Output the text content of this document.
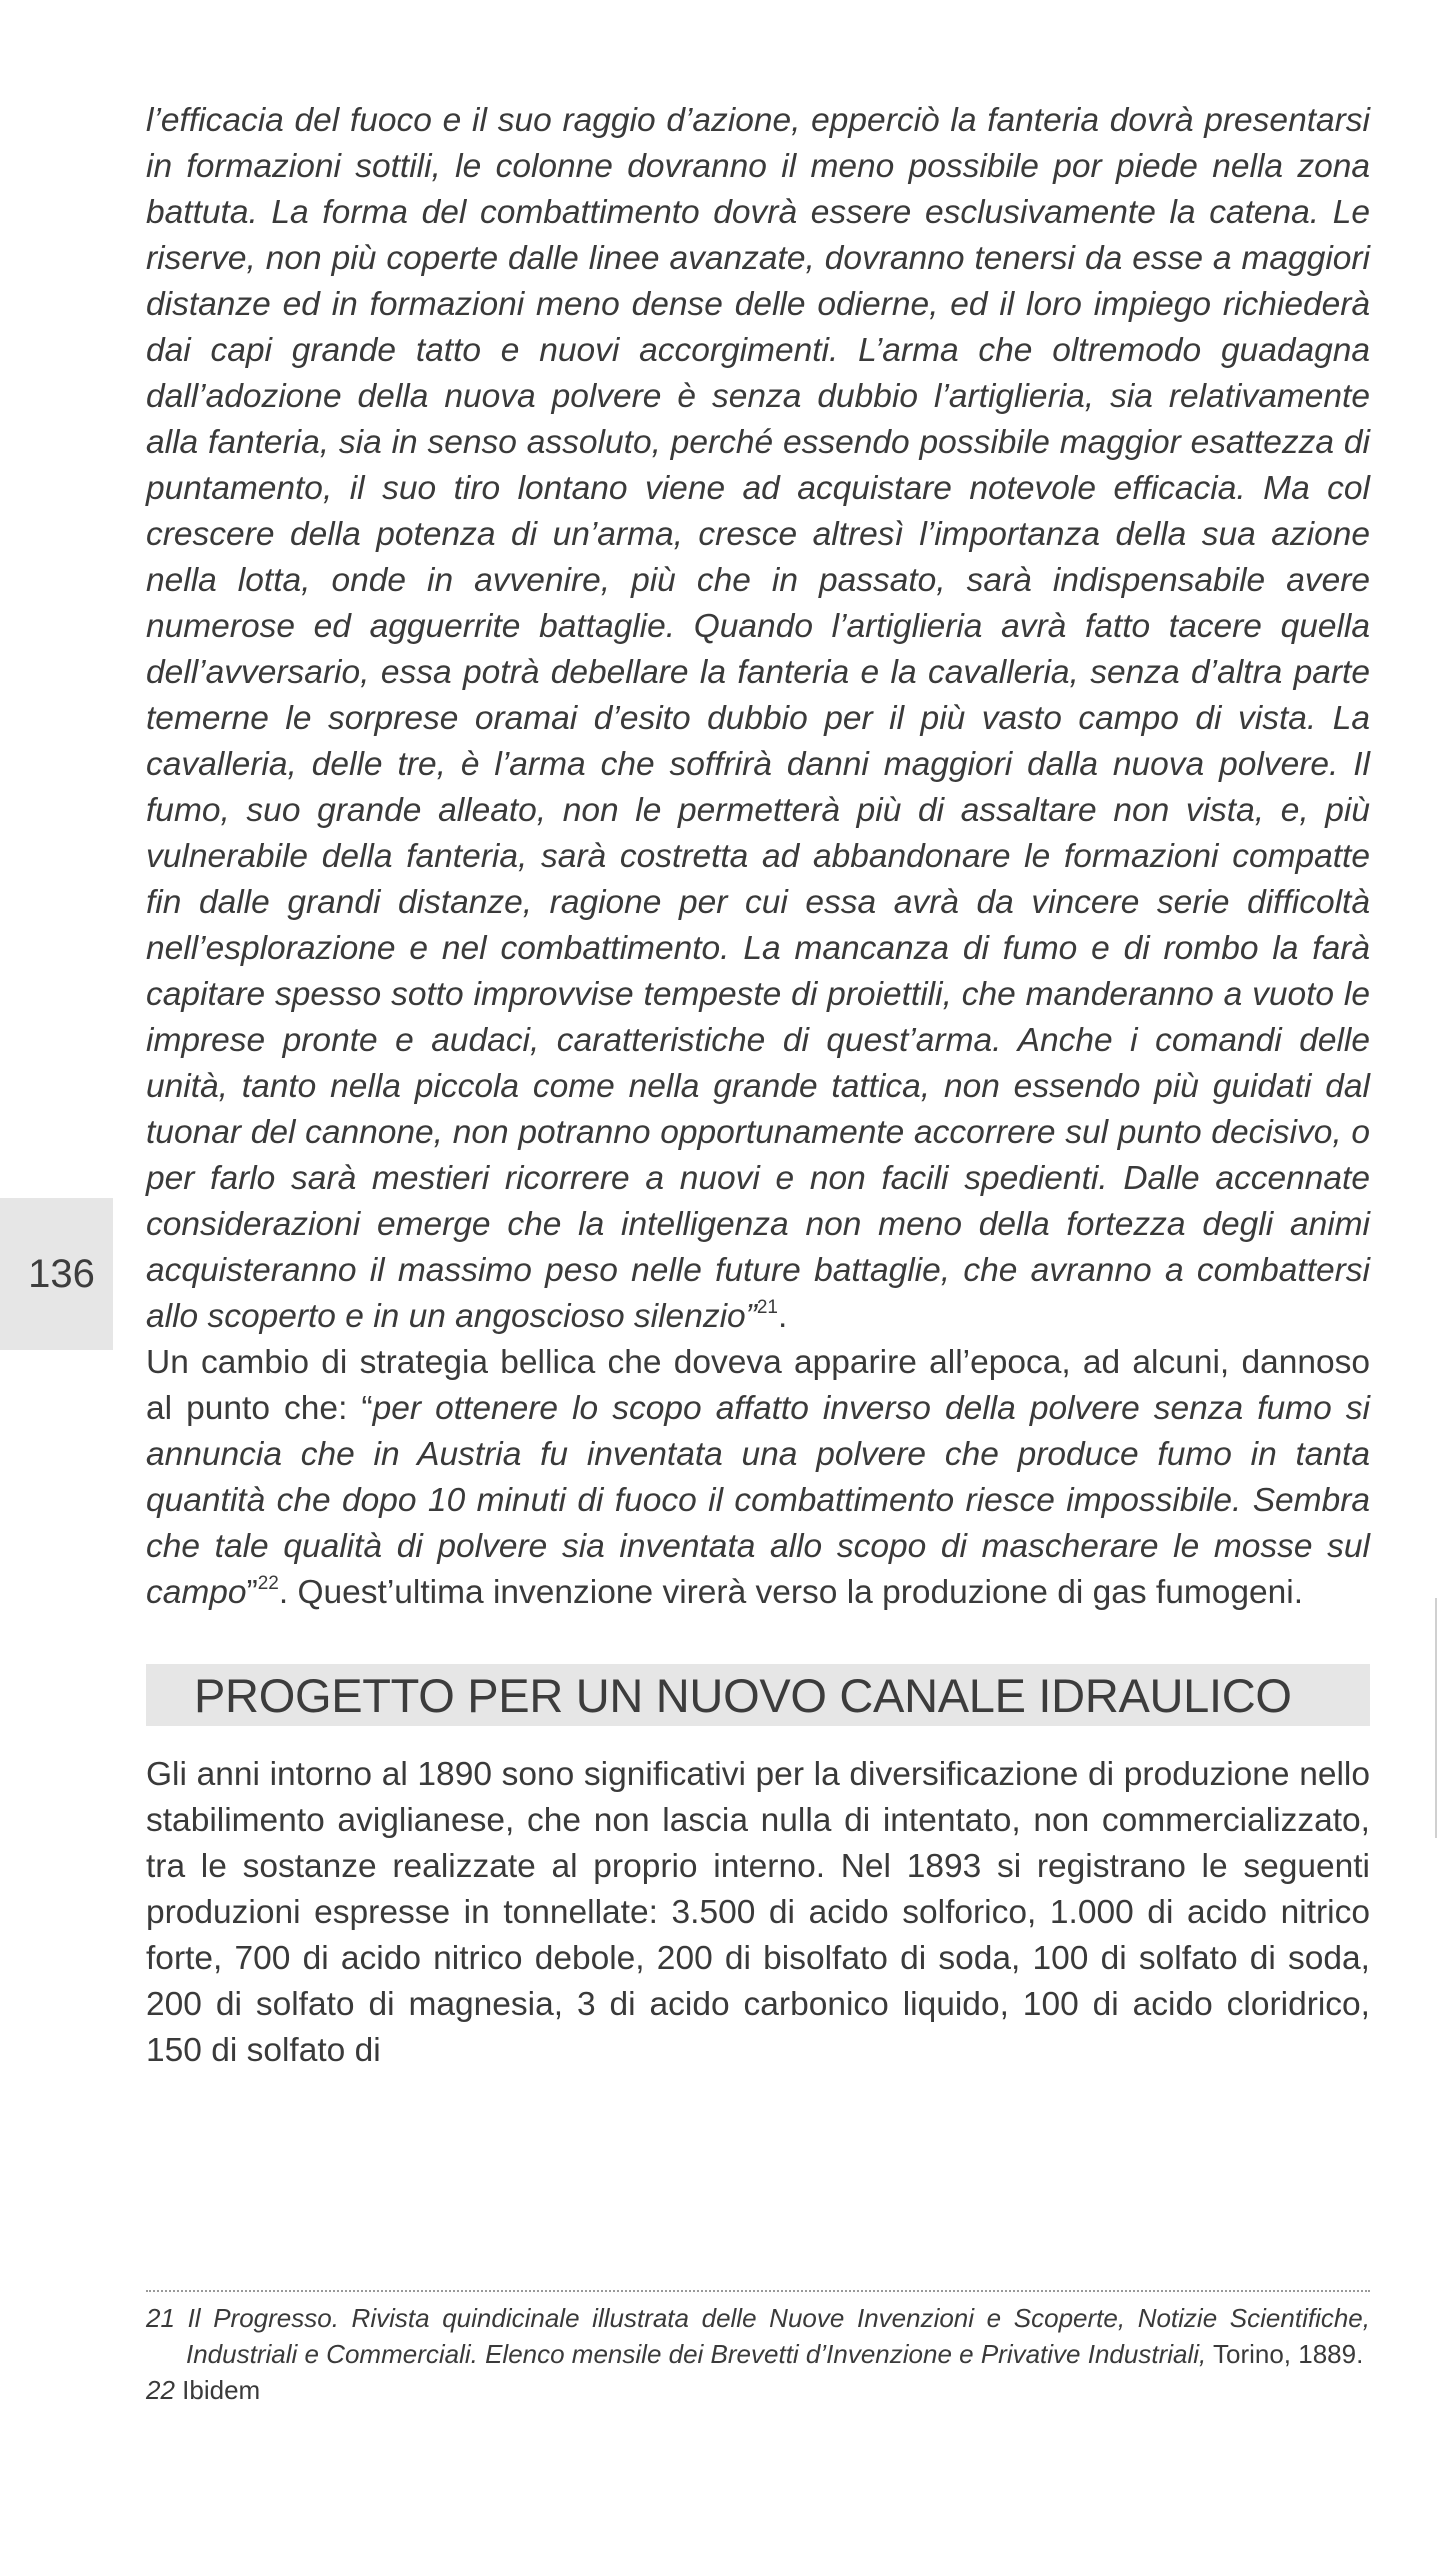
136

l’efficacia del fuoco e il suo raggio d’azione, epperciò la fanteria dovrà presentarsi in formazioni sottili, le colonne dovranno il meno possibile por piede nella zona battuta. La forma del combattimento dovrà essere esclusivamente la catena. Le riserve, non più coperte dalle linee avanzate, dovranno tenersi da esse a maggiori distanze ed in formazioni meno dense delle odierne, ed il loro impiego richiederà dai capi grande tatto e nuovi accorgimenti. L’arma che oltremodo guadagna dall’adozione della nuova polvere è senza dubbio l’artiglieria, sia relativamente alla fanteria, sia in senso assoluto, perché essendo possibile maggior esattezza di puntamento, il suo tiro lontano viene ad acquistare notevole efficacia. Ma col crescere della potenza di un’arma, cresce altresì l’importanza della sua azione nella lotta, onde in avvenire, più che in passato, sarà indispensabile avere numerose ed agguerrite battaglie. Quando l’artiglieria avrà fatto tacere quella dell’avversario, essa potrà debellare la fanteria e la cavalleria, senza d’altra parte temerne le sorprese oramai d’esito dubbio per il più vasto campo di vista. La cavalleria, delle tre, è l’arma che soffrirà danni maggiori dalla nuova polvere. Il fumo, suo grande alleato, non le permetterà più di assaltare non vista, e, più vulnerabile della fanteria, sarà costretta ad abbandonare le formazioni compatte fin dalle grandi distanze, ragione per cui essa avrà da vincere serie difficoltà nell’esplorazione e nel combattimento. La mancanza di fumo e di rombo la farà capitare spesso sotto improvvise tempeste di proiettili, che manderanno a vuoto le imprese pronte e audaci, caratteristiche di quest’arma. Anche i comandi delle unità, tanto nella piccola come nella grande tattica, non essendo più guidati dal tuonar del cannone, non potranno opportunamente accorrere sul punto decisivo, o per farlo sarà mestieri ricorrere a nuovi e non facili spedienti. Dalle accennate considerazioni emerge che la intelligenza non meno della fortezza degli animi acquisteranno il massimo peso nelle future battaglie, che avranno a combattersi allo scoperto e in un angoscioso silenzio”$^{21}$.

Un cambio di strategia bellica che doveva apparire all’epoca, ad alcuni, dannoso al punto che: “per ottenere lo scopo affatto inverso della polvere senza fumo si annuncia che in Austria fu inventata una polvere che produce fumo in tanta quantità che dopo 10 minuti di fuoco il combattimento riesce impossibile. Sembra che tale qualità di polvere sia inventata allo scopo di mascherare le mosse sul campo”$^{22}$. Quest’ultima invenzione virerà verso la produzione di gas fumogeni.

PROGETTO PER UN NUOVO CANALE IDRAULICO

Gli anni intorno al 1890 sono significativi per la diversificazione di produzione nello stabilimento aviglianese, che non lascia nulla di intentato, non commercializzato, tra le sostanze realizzate al proprio interno. Nel 1893 si registrano le seguenti produzioni espresse in tonnellate: 3.500 di acido solforico, 1.000 di acido nitrico forte, 700 di acido nitrico debole, 200 di bisolfato di soda, 100 di solfato di soda, 200 di solfato di magnesia, 3 di acido carbonico liquido, 100 di acido cloridrico, 150 di solfato di

21 Il Progresso. Rivista quindicinale illustrata delle Nuove Invenzioni e Scoperte, Notizie Scientifiche, Industriali e Commerciali. Elenco mensile dei Brevetti d’Invenzione e Privative Industriali, Torino, 1889.

22 Ibidem
